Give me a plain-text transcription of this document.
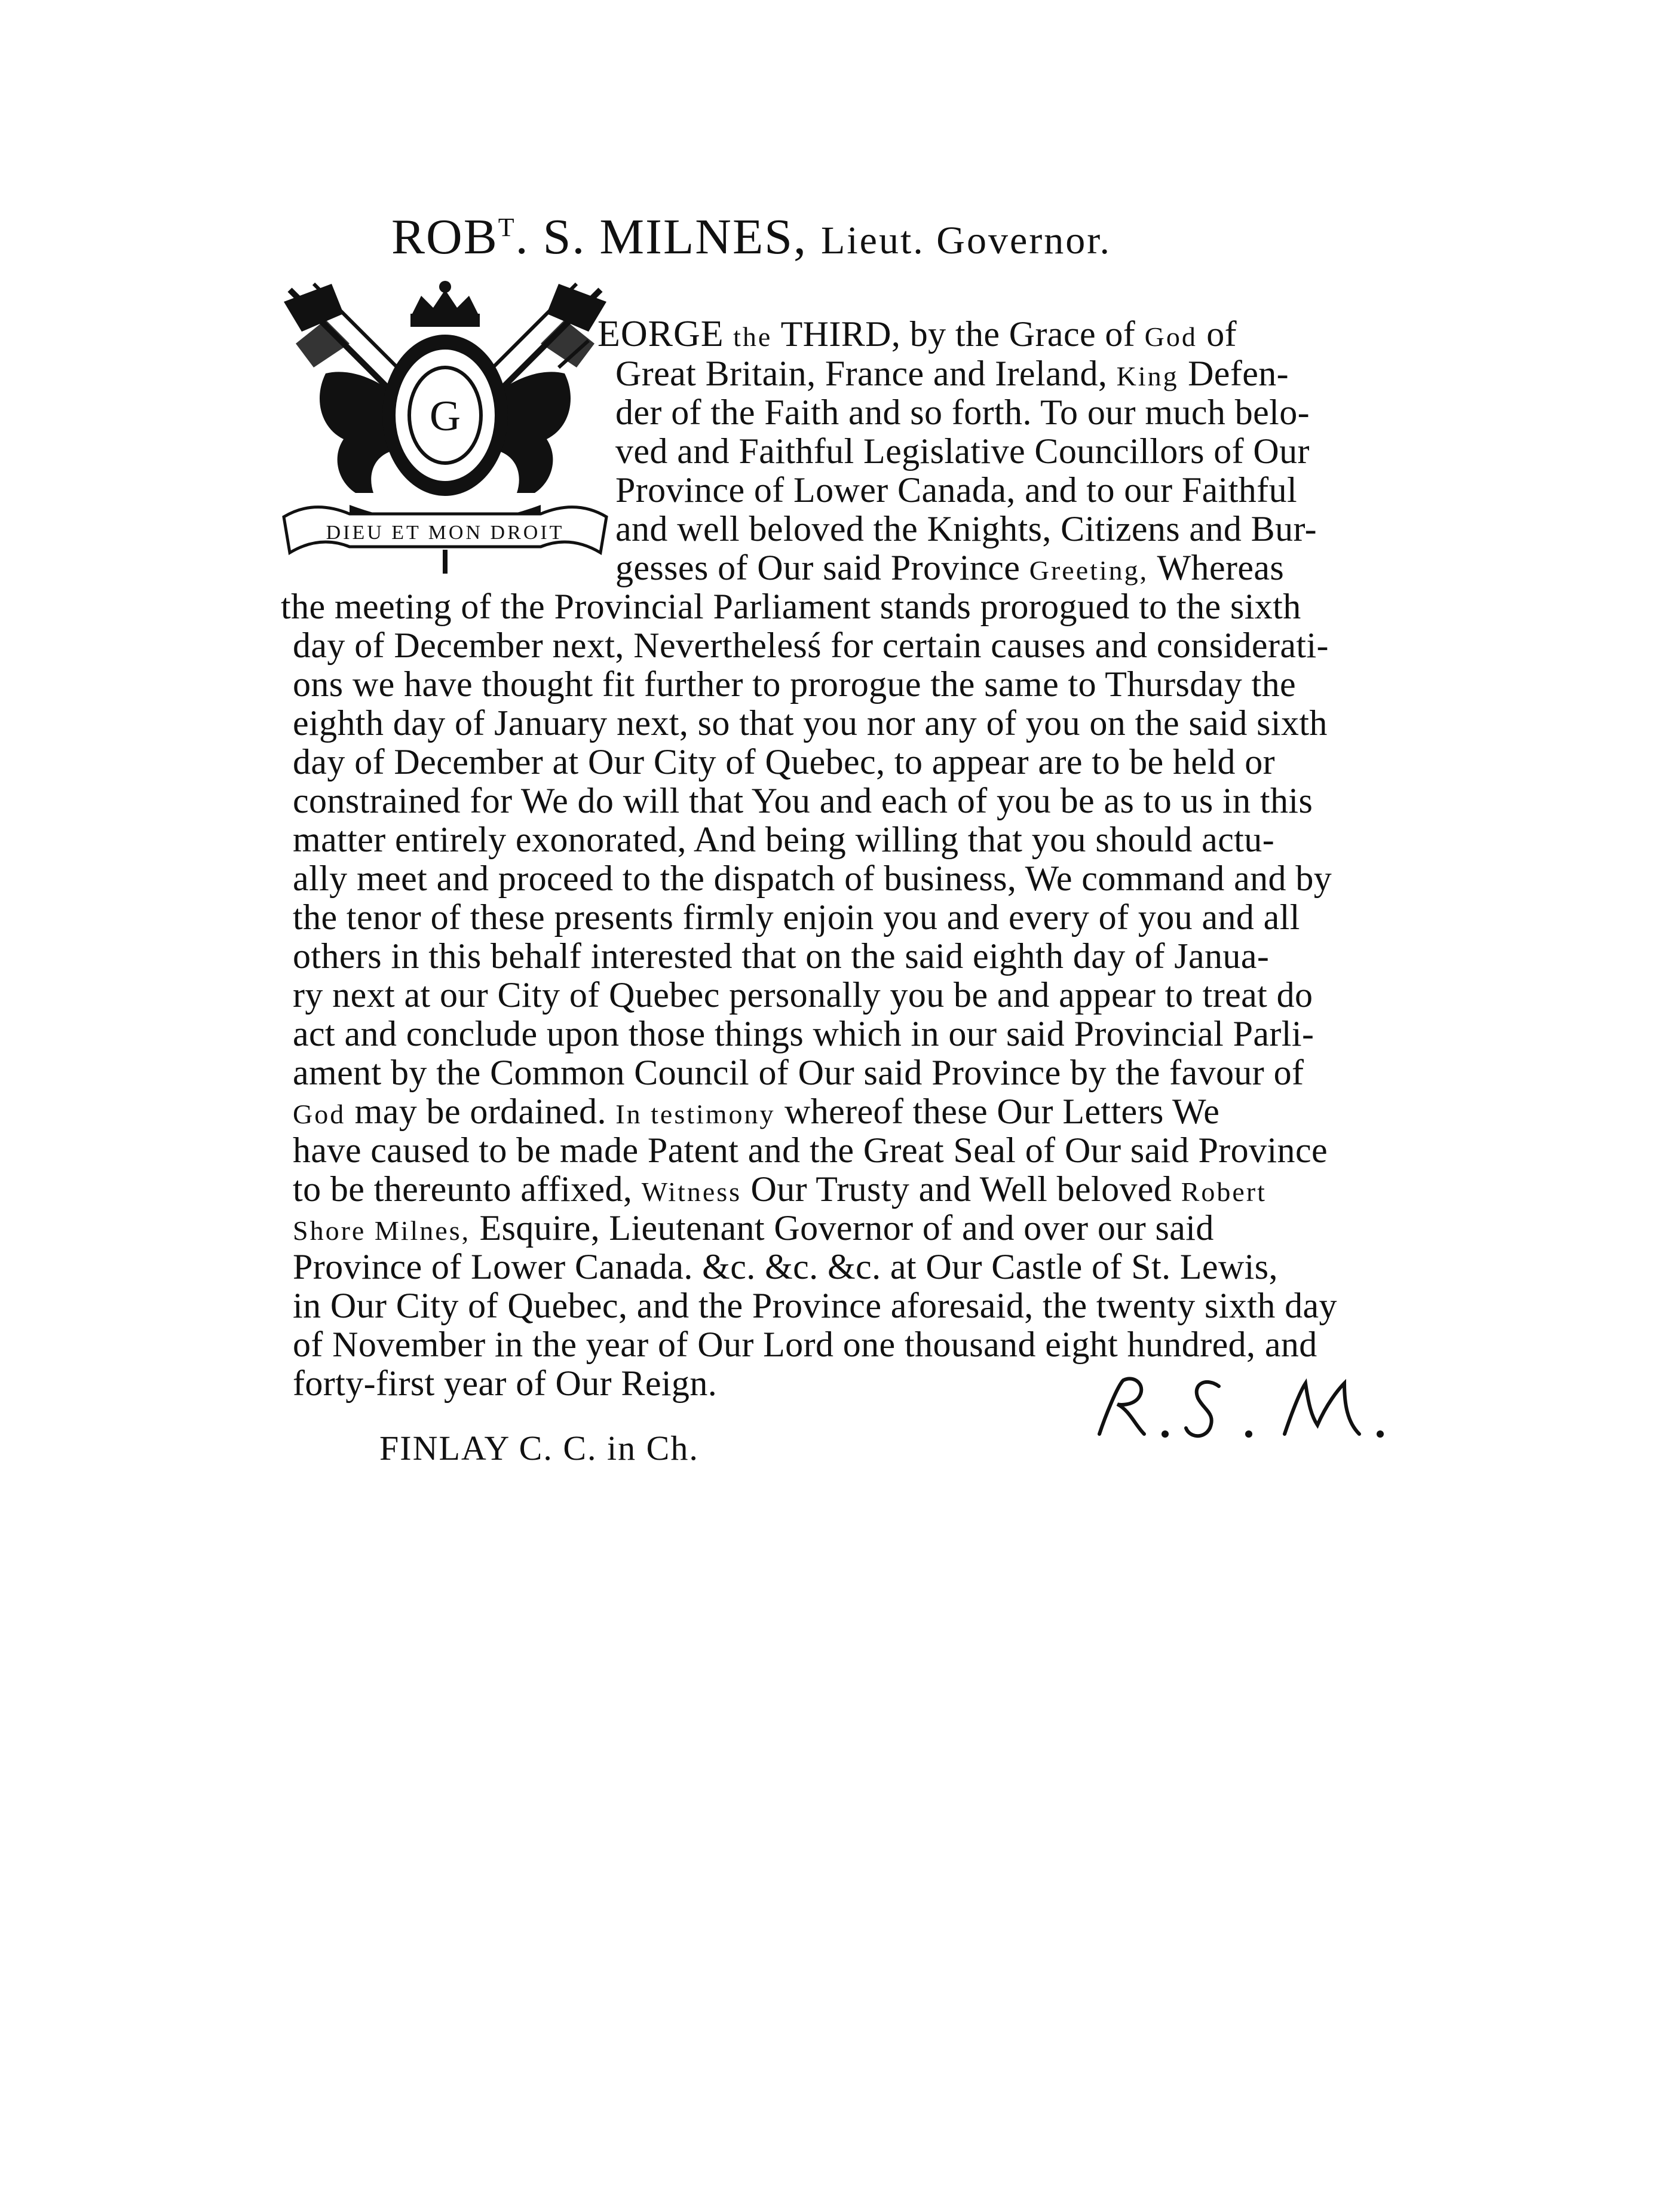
$ROB^T$. S. MILNES, Lieut. Governor.
G
DIEU ET MON DROIT
EORGE the THIRD, by the Grace of God of
Great Britain, France and Ireland, King Defen-
der of the Faith and so forth. To our much belo-
ved and Faithful Legislative Councillors of Our
Province of Lower Canada, and to our Faithful
and well beloved the Knights, Citizens and Bur-
gesses of Our said Province Greeting, Whereas
the meeting of the Provincial Parliament stands prorogued to the sixth
day of December next, Neverthelesś for certain causes and considerati-
ons we have thought fit further to prorogue the same to Thursday the
eighth day of January next, so that you nor any of you on the said sixth
day of December at Our City of Quebec, to appear are to be held or
constrained for We do will that You and each of you be as to us in this
matter entirely exonorated, And being willing that you should actu-
ally meet and proceed to the dispatch of business, We command and by
the tenor of these presents firmly enjoin you and every of you and all
others in this behalf interested that on the said eighth day of Janua-
ry next at our City of Quebec personally you be and appear to treat do
act and conclude upon those things which in our said Provincial Parli-
ament by the Common Council of Our said Province by the favour of
God may be ordained. In testimony whereof these Our Letters We
have caused to be made Patent and the Great Seal of Our said Province
to be thereunto affixed, Witness Our Trusty and Well beloved Robert
Shore Milnes, Esquire, Lieutenant Governor of and over our said
Province of Lower Canada. &c. &c. &c. at Our Castle of St. Lewis,
in Our City of Quebec, and the Province aforesaid, the twenty sixth day
of November in the year of Our Lord one thousand eight hundred, and
forty-first year of Our Reign.
FINLAY C. C. in Ch.
